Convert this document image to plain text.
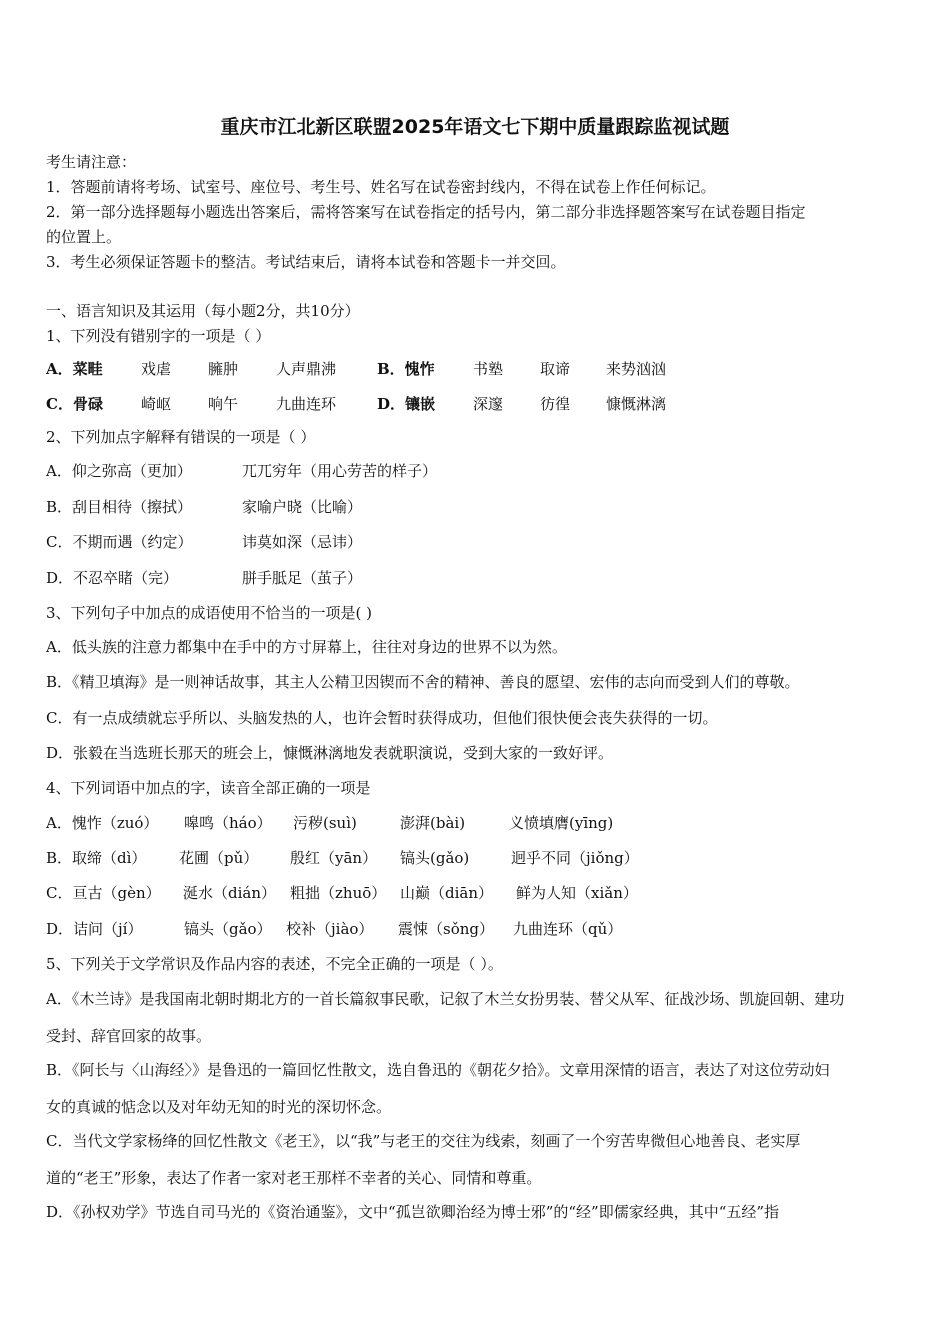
重庆市江北新区联盟2025年语文七下期中质量跟踪监视试题
考生请注意：
1．答题前请将考场、试室号、座位号、考生号、姓名写在试卷密封线内，不得在试卷上作任何标记。
2．第一部分选择题每小题选出答案后，需将答案写在试卷指定的括号内，第二部分非选择题答案写在试卷题目指定
的位置上。
3．考生必须保证答题卡的整洁。考试结束后，请将本试卷和答题卡一并交回。
一、语言知识及其运用（每小题2分，共10分）
1、下列没有错别字的一项是（ ）
A．菜畦	戏虐 臃肿	人声鼎沸	B．愧怍	书塾 取谛 来势汹汹
C．骨碌	崎岖 响午	九曲连环	D．镶嵌	深邃 彷徨 慷慨淋漓
2、下列加点字解释有错误的一项是（ ）
A．仰之弥高（更加）	兀兀穷年（用心劳苦的样子）
B．刮目相待（擦拭）	家喻户晓（比喻）
C．不期而遇（约定）	讳莫如深（忌讳）
D．不忍卒睹（完）	胼手胝足（茧子）
3、下列句子中加点的成语使用不恰当的一项是( )
A．低头族的注意力都集中在手中的方寸屏幕上，往往对身边的世界不以为然。
B．《精卫填海》是一则神话故事，其主人公精卫因锲而不舍的精神、善良的愿望、宏伟的志向而受到人们的尊敬。
C．有一点成绩就忘乎所以、头脑发热的人，也许会暂时获得成功，但他们很快便会丧失获得的一切。
D．张毅在当选班长那天的班会上，慷慨淋漓地发表就职演说，受到大家的一致好评。
4、下列词语中加点的字，读音全部正确的一项是
A．愧怍（zuó） 嗥鸣（háo） 污秽(suì)	澎湃(bài)	义愤填膺(yīng)
B．取缔（dì） 花圃（pǔ） 殷红（yān） 镐头(gǎo)	迥乎不同（jiǒng）
C．亘古（gèn） 涎水（dián） 粗拙（zhuō） 山巅（diān） 鲜为人知（xiǎn）
D．诘问（jí）	镐头（gǎo） 校补（jiào） 震悚（sǒng） 九曲连环（qǔ）
5、下列关于文学常识及作品内容的表述，不完全正确的一项是（ ）。
A．《木兰诗》是我国南北朝时期北方的一首长篇叙事民歌，记叙了木兰女扮男装、替父从军、征战沙场、凯旋回朝、建功
受封、辞官回家的故事。
B．《阿长与〈山海经〉》是鲁迅的一篇回忆性散文，选自鲁迅的《朝花夕拾》。文章用深情的语言，表达了对这位劳动妇
女的真诚的惦念以及对年幼无知的时光的深切怀念。
C．当代文学家杨绛的回忆性散文《老王》，以“我”与老王的交往为线索，刻画了一个穷苦卑微但心地善良、老实厚
道的“老王”形象，表达了作者一家对老王那样不幸者的关心、同情和尊重。
D．《孙权劝学》节选自司马光的《资治通鉴》，文中“孤岂欲卿治经为博士邪”的“经”即儒家经典，其中“五经”指
